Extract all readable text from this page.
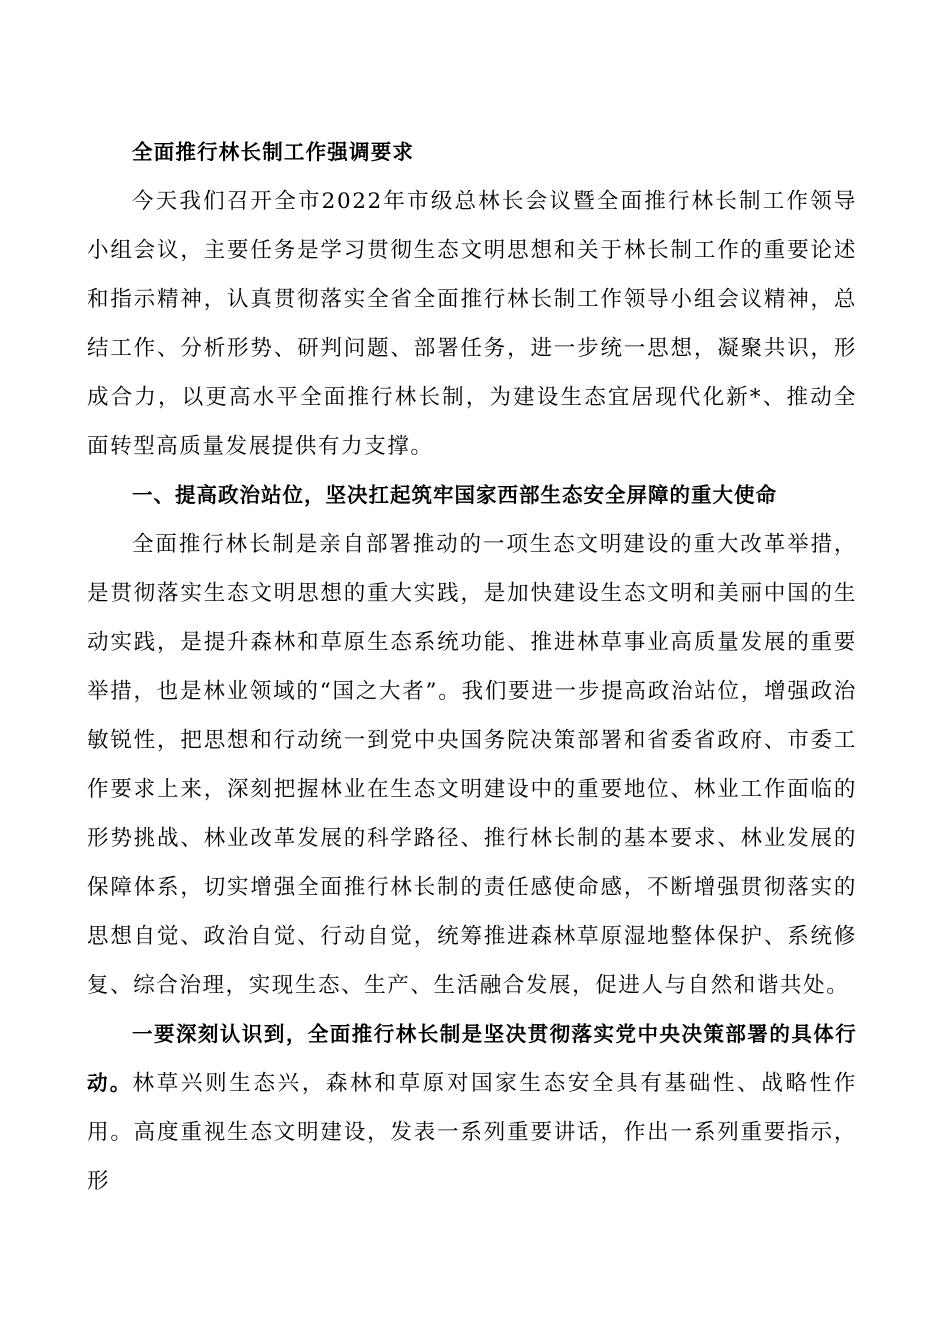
全面推行林长制工作强调要求

今天我们召开全市2022年市级总林长会议暨全面推行林长制工作领导小组会议，主要任务是学习贯彻生态文明思想和关于林长制工作的重要论述和指示精神，认真贯彻落实全省全面推行林长制工作领导小组会议精神，总结工作、分析形势、研判问题、部署任务，进一步统一思想，凝聚共识，形成合力，以更高水平全面推行林长制，为建设生态宜居现代化新*、推动全面转型高质量发展提供有力支撑。

一、提高政治站位，坚决扛起筑牢国家西部生态安全屏障的重大使命

全面推行林长制是亲自部署推动的一项生态文明建设的重大改革举措，是贯彻落实生态文明思想的重大实践，是加快建设生态文明和美丽中国的生动实践，是提升森林和草原生态系统功能、推进林草事业高质量发展的重要举措，也是林业领域的“国之大者”。我们要进一步提高政治站位，增强政治敏锐性，把思想和行动统一到党中央国务院决策部署和省委省政府、市委工作要求上来，深刻把握林业在生态文明建设中的重要地位、林业工作面临的形势挑战、林业改革发展的科学路径、推行林长制的基本要求、林业发展的保障体系，切实增强全面推行林长制的责任感使命感，不断增强贯彻落实的思想自觉、政治自觉、行动自觉，统筹推进森林草原湿地整体保护、系统修复、综合治理，实现生态、生产、生活融合发展，促进人与自然和谐共处。

一要深刻认识到，全面推行林长制是坚决贯彻落实党中央决策部署的具体行动。林草兴则生态兴，森林和草原对国家生态安全具有基础性、战略性作用。高度重视生态文明建设，发表一系列重要讲话，作出一系列重要指示，形
